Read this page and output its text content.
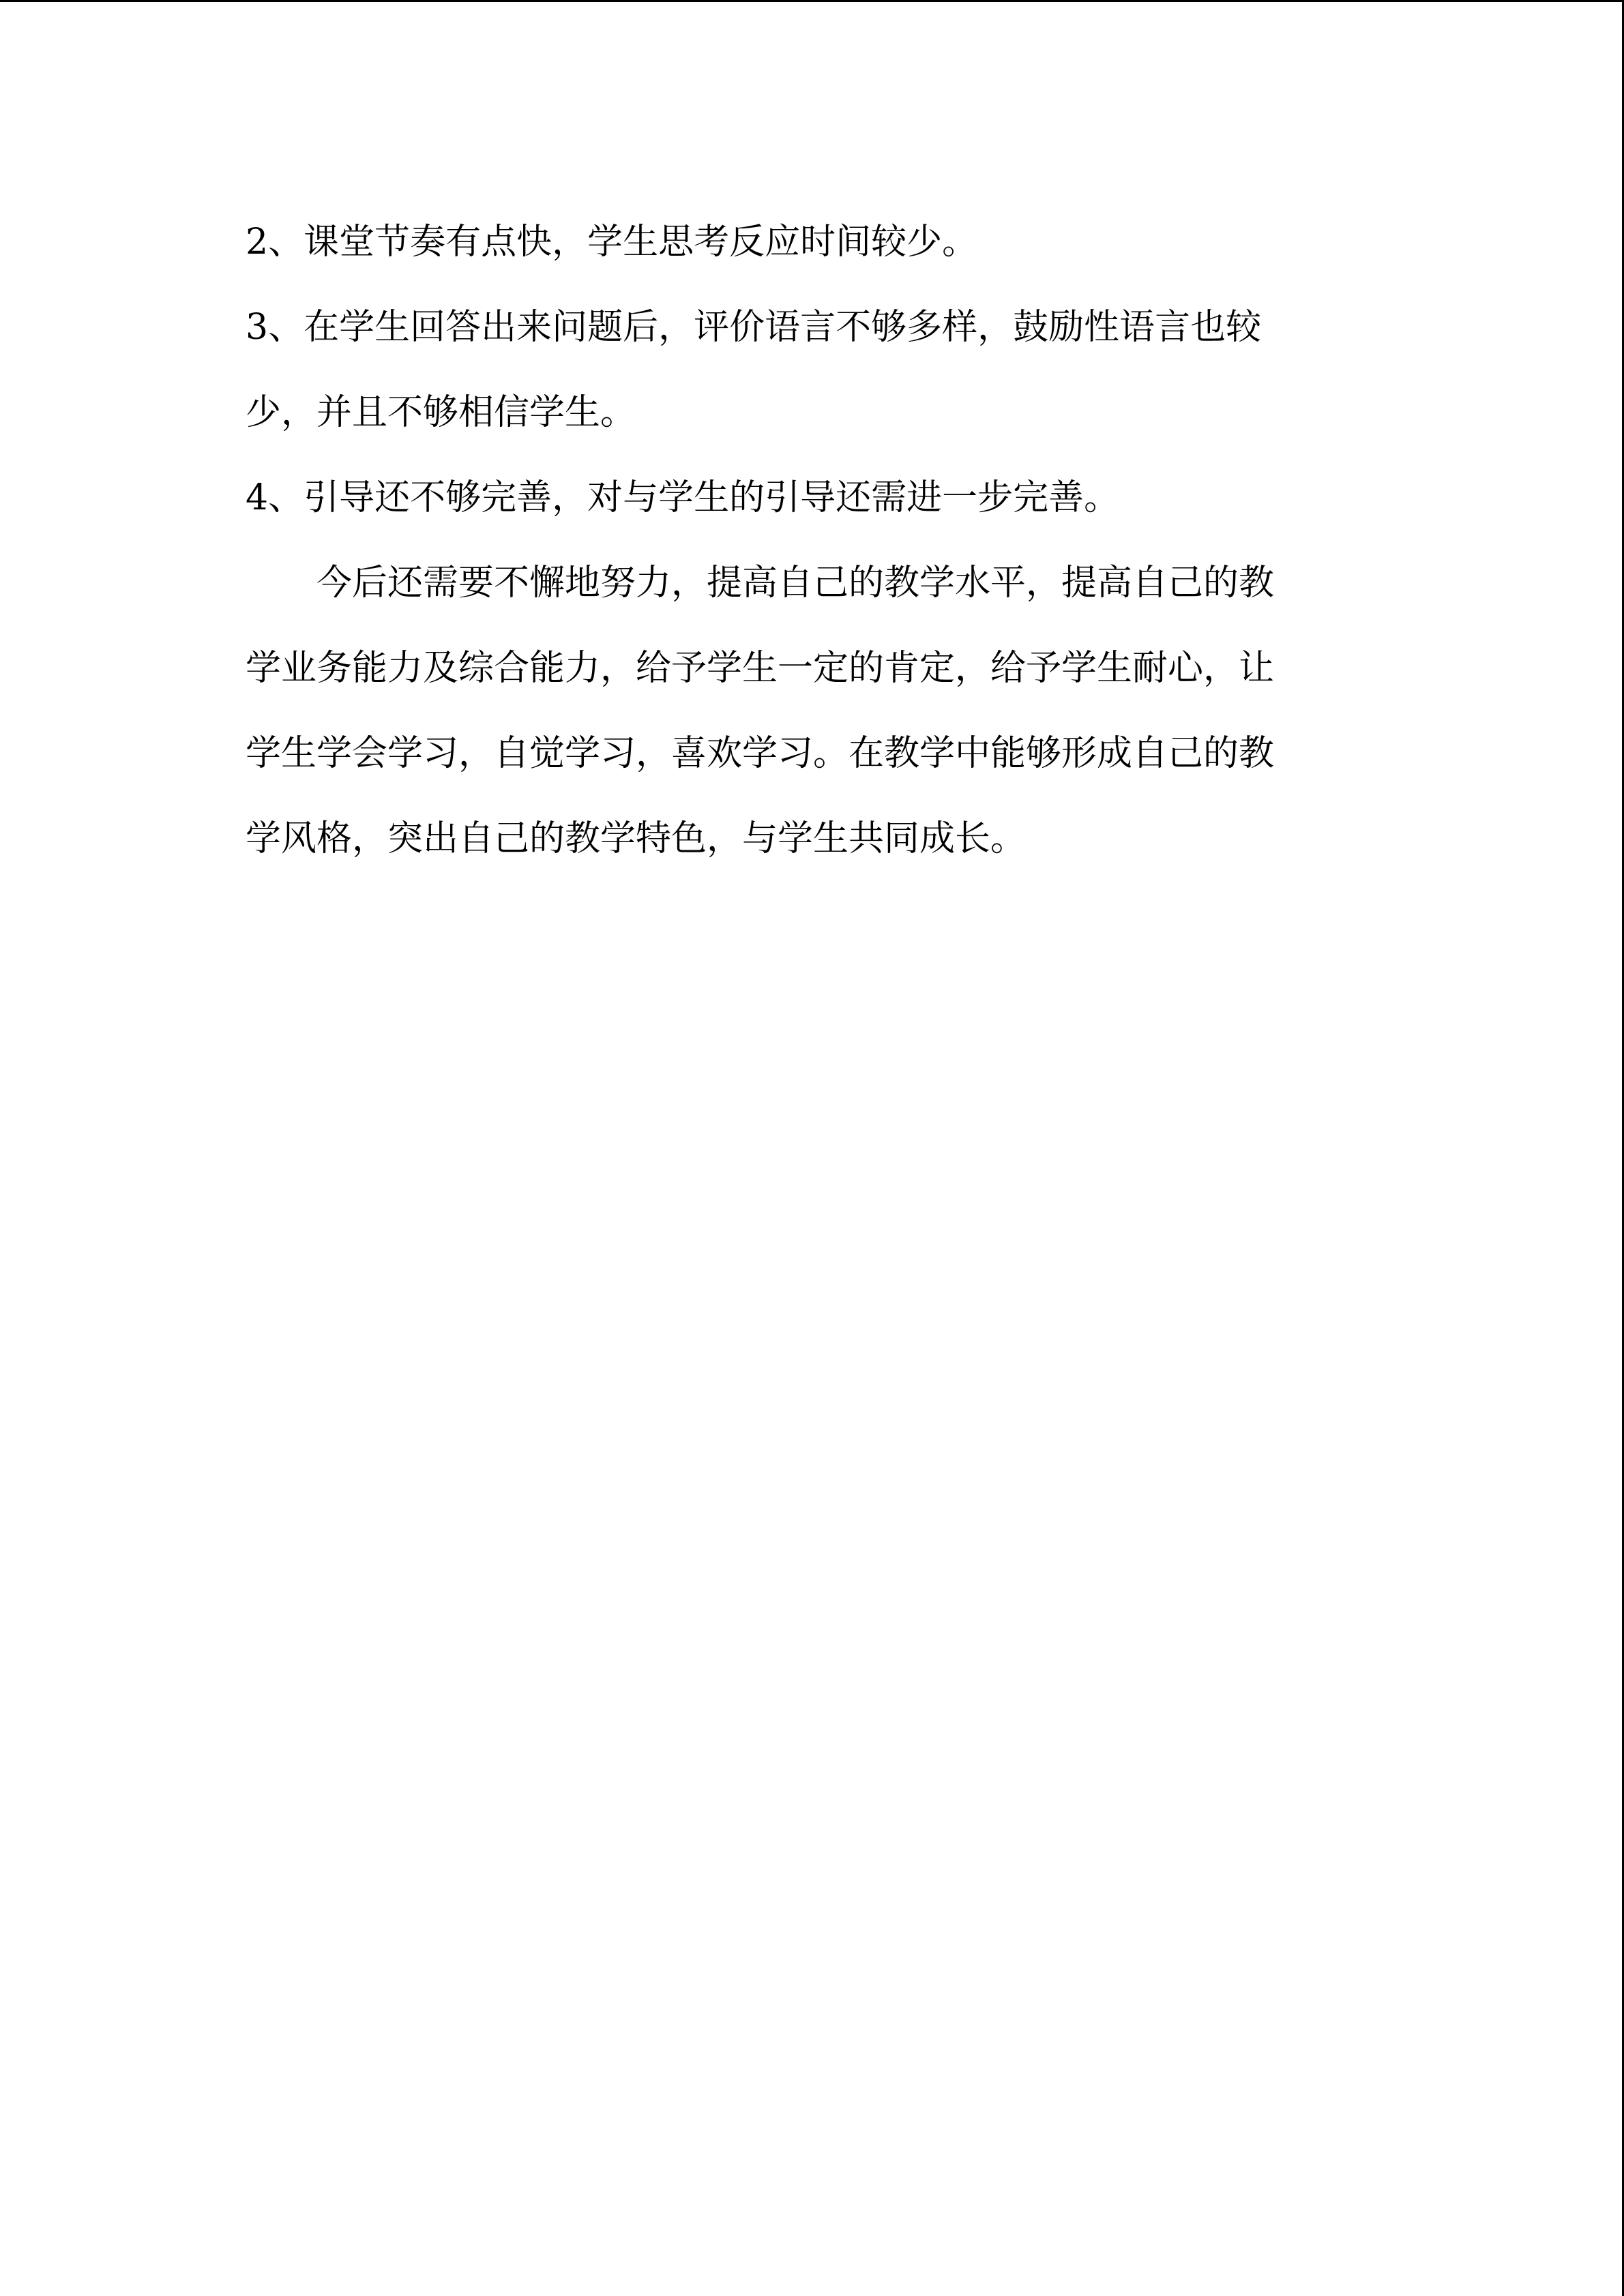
2、课堂节奏有点快，学生思考反应时间较少。
3、在学生回答出来问题后，评价语言不够多样，鼓励性语言也较
少，并且不够相信学生。
4、引导还不够完善，对与学生的引导还需进一步完善。
今后还需要不懈地努力，提高自己的教学水平，提高自己的教
学业务能力及综合能力，给予学生一定的肯定，给予学生耐心，让
学生学会学习，自觉学习，喜欢学习。在教学中能够形成自己的教
学风格，突出自己的教学特色，与学生共同成长。
